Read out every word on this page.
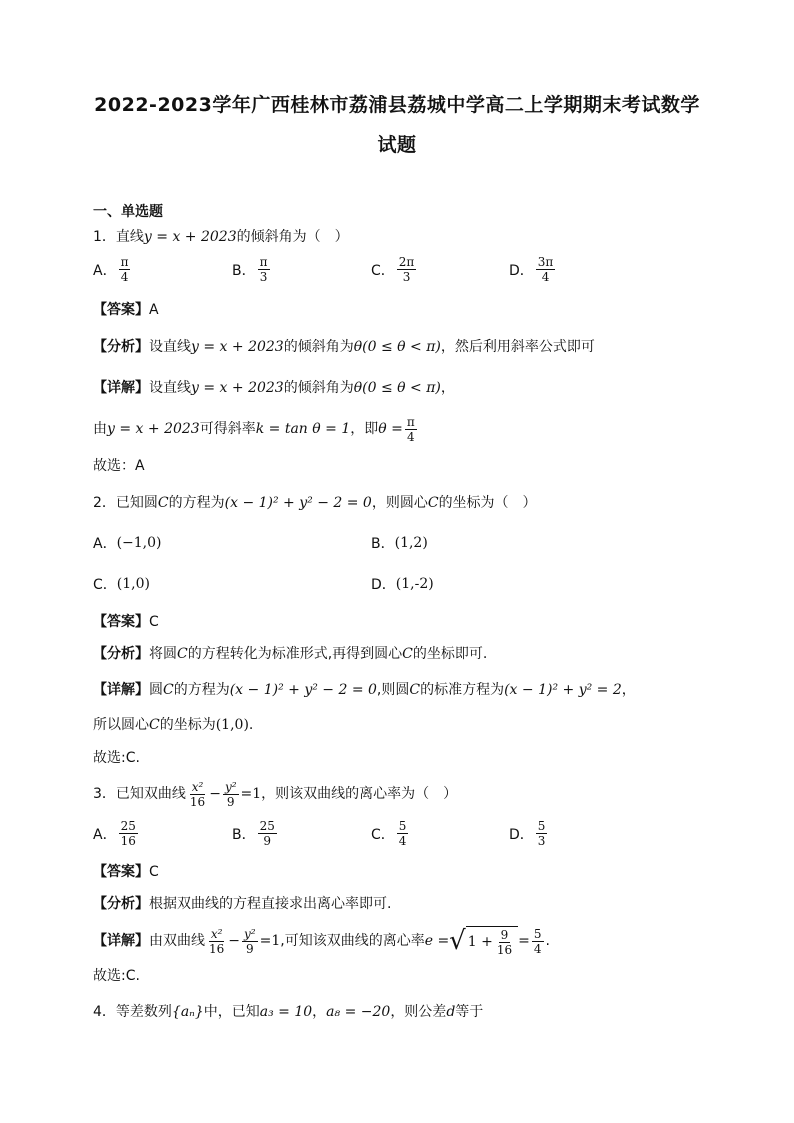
2022-2023学年广西桂林市荔浦县荔城中学高二上学期期末考试数学
试题
一、单选题
1．直线y = x + 2023的倾斜角为（　）
A． $\frac{\pi}{4}$	B． $\frac{\pi}{3}$	C． $\frac{2\pi}{3}$	D． $\frac{3\pi}{4}$
【答案】A
【分析】设直线y = x + 2023的倾斜角为θ(0 ≤ θ < π)，然后利用斜率公式即可
【详解】设直线y = x + 2023的倾斜角为θ(0 ≤ θ < π)，
由 y = x + 2023 可得斜率 k = tan θ = 1 ，即 $\theta = \frac{\pi}{4}$
故选：A
2．已知圆C的方程为(x − 1)² + y² − 2 = 0，则圆心C的坐标为（　）
A． (−1,0)	B． (1,2)
C． (1,0)	D． (1,‐2)
【答案】C
【分析】将圆C的方程转化为标准形式,再得到圆心C的坐标即可.
【详解】圆C的方程为(x − 1)² + y² − 2 = 0,则圆C的标准方程为(x − 1)² + y² = 2，
所以圆心C的坐标为(1,0).
故选:C.
3．已知双曲线 $\frac{\text{x²}}{16} - \frac{\text{y²}}{9} =1$ ，则该双曲线的离心率为（　）
A． $\frac{25}{16}$	B． $\frac{25}{9}$	C． $\frac{5}{4}$	D． $\frac{5}{3}$
【答案】C
【分析】根据双曲线的方程直接求出离心率即可.
【详解】 由双曲线 $\frac{\text{x²}}{16} - \frac{\text{y²}}{9} =1$ ,可知该双曲线的离心率 e = √ $1 + \frac{9}{16} = \frac{5}{4}$ .
故选:C.
4．等差数列{aₙ}中，已知a₃ = 10，a₈ = −20，则公差d等于
